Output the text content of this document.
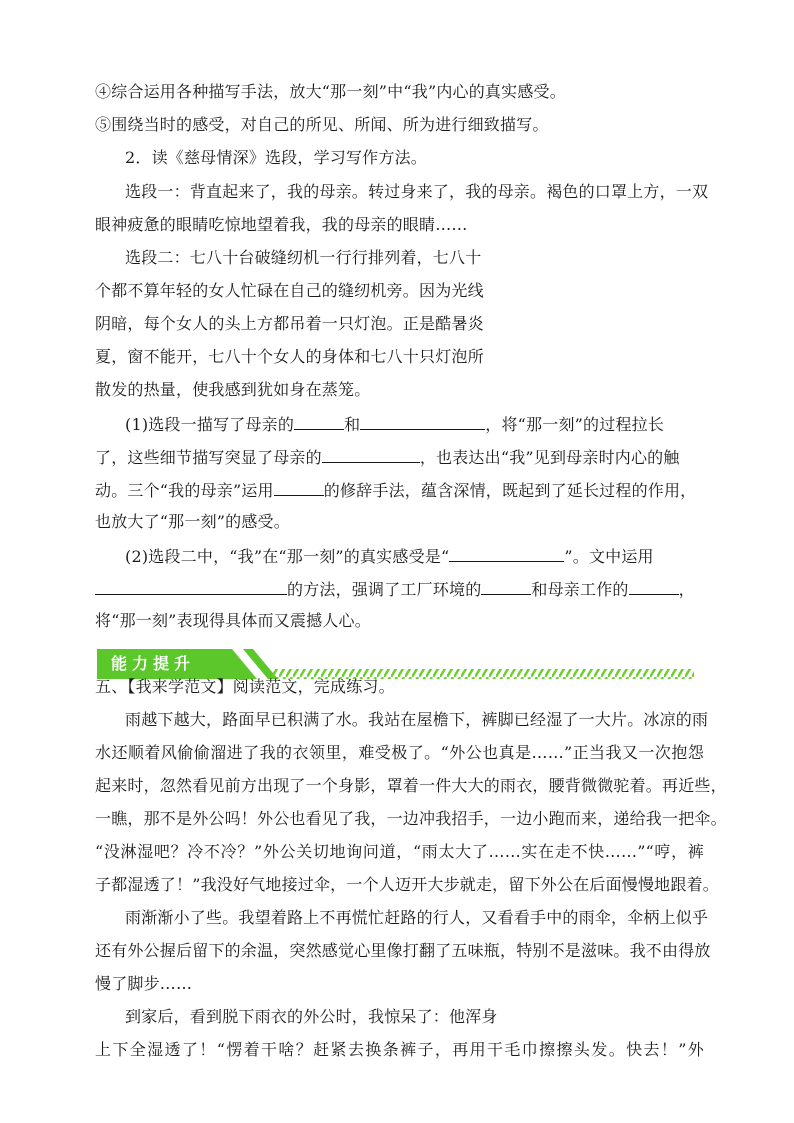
④综合运用各种描写手法，放大“那一刻”中“我”内心的真实感受。
⑤围绕当时的感受，对自己的所见、所闻、所为进行细致描写。
2．读《慈母情深》选段，学习写作方法。
选段一：背直起来了，我的母亲。转过身来了，我的母亲。褐色的口罩上方，一双
眼神疲惫的眼睛吃惊地望着我，我的母亲的眼睛……
选段二：七八十台破缝纫机一行行排列着，七八十
个都不算年轻的女人忙碌在自己的缝纫机旁。因为光线
阴暗，每个女人的头上方都吊着一只灯泡。正是酷暑炎
夏，窗不能开，七八十个女人的身体和七八十只灯泡所
散发的热量，使我感到犹如身在蒸笼。
(1)选段一描写了母亲的	和	，将“那一刻”的过程拉长
了，这些细节描写突显了母亲的	，也表达出“我”见到母亲时内心的触
动。三个“我的母亲”运用	的修辞手法，蕴含深情，既起到了延长过程的作用，
也放大了“那一刻”的感受。
(2)选段二中，“我”在“那一刻”的真实感受是“	”。文中运用
的方法，强调了工厂环境的	和母亲工作的	，
将“那一刻”表现得具体而又震撼人心。
能力提升
五、【我来学范文】阅读范文，完成练习。
雨越下越大，路面早已积满了水。我站在屋檐下，裤脚已经湿了一大片。冰凉的雨
水还顺着风偷偷溜进了我的衣领里，难受极了。“外公也真是……”正当我又一次抱怨
起来时，忽然看见前方出现了一个身影，罩着一件大大的雨衣，腰背微微驼着。再近些，
一瞧，那不是外公吗！外公也看见了我，一边冲我招手，一边小跑而来，递给我一把伞。
“没淋湿吧？冷不冷？”外公关切地询问道，“雨太大了……实在走不快……”“哼，裤
子都湿透了！”我没好气地接过伞，一个人迈开大步就走，留下外公在后面慢慢地跟着。
雨渐渐小了些。我望着路上不再慌忙赶路的行人，又看看手中的雨伞，伞柄上似乎
还有外公握后留下的余温，突然感觉心里像打翻了五味瓶，特别不是滋味。我不由得放
慢了脚步……
到家后，看到脱下雨衣的外公时，我惊呆了：他浑身
上下全湿透了！“愣着干啥？赶紧去换条裤子，再用干毛巾擦擦头发。快去！”外
